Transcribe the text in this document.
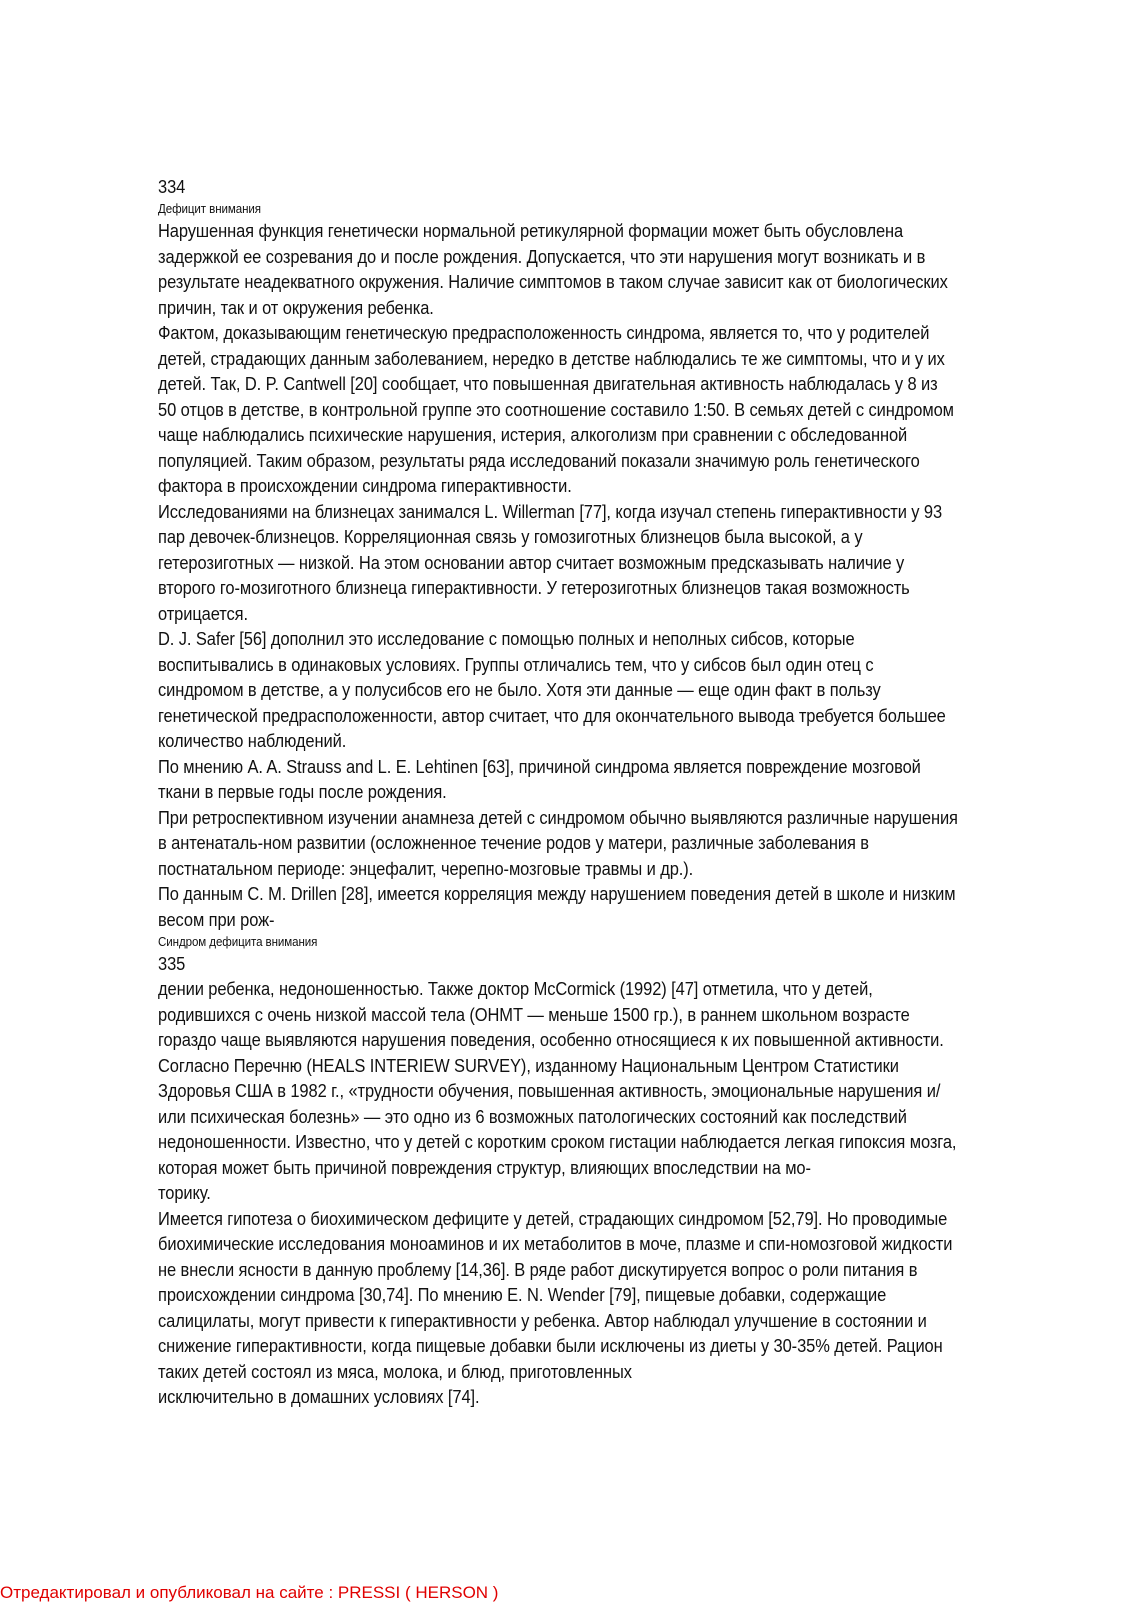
334
Дефицит внимания

Нарушенная функция генетически нормальной ретикулярной формации может быть обусловлена задержкой ее созревания до и после рождения. Допускается, что эти нарушения могут возникать и в результате неадекватного окружения. Наличие симптомов в таком случае зависит как от биологических причин, так и от окружения ребенка.

Фактом, доказывающим генетическую предрасположенность синдрома, является то, что у родителей детей, страдающих данным заболеванием, нередко в детстве наблюдались те же симптомы, что и у их детей. Так, D. P. Cantwell [20] сообщает, что повышенная двигательная активность наблюдалась у 8 из 50 отцов в детстве, в контрольной группе это соотношение составило 1:50. В семьях детей с синдромом чаще наблюдались психические нарушения, истерия, алкоголизм при сравнении с обследованной популяцией. Таким образом, результаты ряда исследований показали значимую роль генетического фактора в происхождении синдрома гиперактивности.

Исследованиями на близнецах занимался L. Willerman [77], когда изучал степень гиперактивности у 93 пар девочек-близнецов. Корреляционная связь у гомозиготных близнецов была высокой, а у гетерозиготных — низкой. На этом основании автор считает возможным предсказывать наличие у второго го-мозиготного близнеца гиперактивности. У гетерозиготных близнецов такая возможность отрицается.

D. J. Safer [56] дополнил это исследование с помощью полных и неполных сибсов, которые воспитывались в одинаковых условиях. Группы отличались тем, что у сибсов был один отец с синдромом в детстве, а у полусибсов его не было. Хотя эти данные — еще один факт в пользу генетической предрасположенности, автор считает, что для окончательного вывода требуется большее количество наблюдений.

По мнению A. A. Strauss and L. E. Lehtinen [63], причиной синдрома является повреждение мозговой ткани в первые годы после рождения.

При ретроспективном изучении анамнеза детей с синдромом обычно выявляются различные нарушения в антенаталь-ном развитии (осложненное течение родов у матери, различные заболевания в постнатальном периоде: энцефалит, черепно-мозговые травмы и др.).

По данным C. M. Drillen [28], имеется корреляция между нарушением поведения детей в школе и низким весом при рож-

Синдром дефицита внимания
335

дении ребенка, недоношенностью. Также доктор McCormick (1992) [47] отметила, что у детей, родившихся с очень низкой массой тела (ОНМТ — меньше 1500 гр.), в раннем школьном возрасте гораздо чаще выявляются нарушения поведения, особенно относящиеся к их повышенной активности. Согласно Перечню (HEALS INTERIEW SURVEY), изданному Национальным Центром Статистики Здоровья США в 1982 г., «трудности обучения, повышенная активность, эмоциональные нарушения и/или психическая болезнь» — это одно из 6 возможных патологических состояний как последствий недоношенности. Известно, что у детей с коротким сроком гистации наблюдается легкая гипоксия мозга, которая может быть причиной повреждения структур, влияющих впоследствии на мо-

торику.

Имеется гипотеза о биохимическом дефиците у детей, страдающих синдромом [52,79]. Но проводимые биохимические исследования моноаминов и их метаболитов в моче, плазме и спи-номозговой жидкости не внесли ясности в данную проблему [14,36]. В ряде работ дискутируется вопрос о роли питания в происхождении синдрома [30,74]. По мнению E. N. Wender [79], пищевые добавки, содержащие салицилаты, могут привести к гиперактивности у ребенка. Автор наблюдал улучшение в состоянии и снижение гиперактивности, когда пищевые добавки были исключены из диеты у 30-35% детей. Рацион таких детей состоял из мяса, молока, и блюд, приготовленных

исключительно в домашних условиях [74].

Отредактировал и опубликовал на сайте : PRESSI ( HERSON )
